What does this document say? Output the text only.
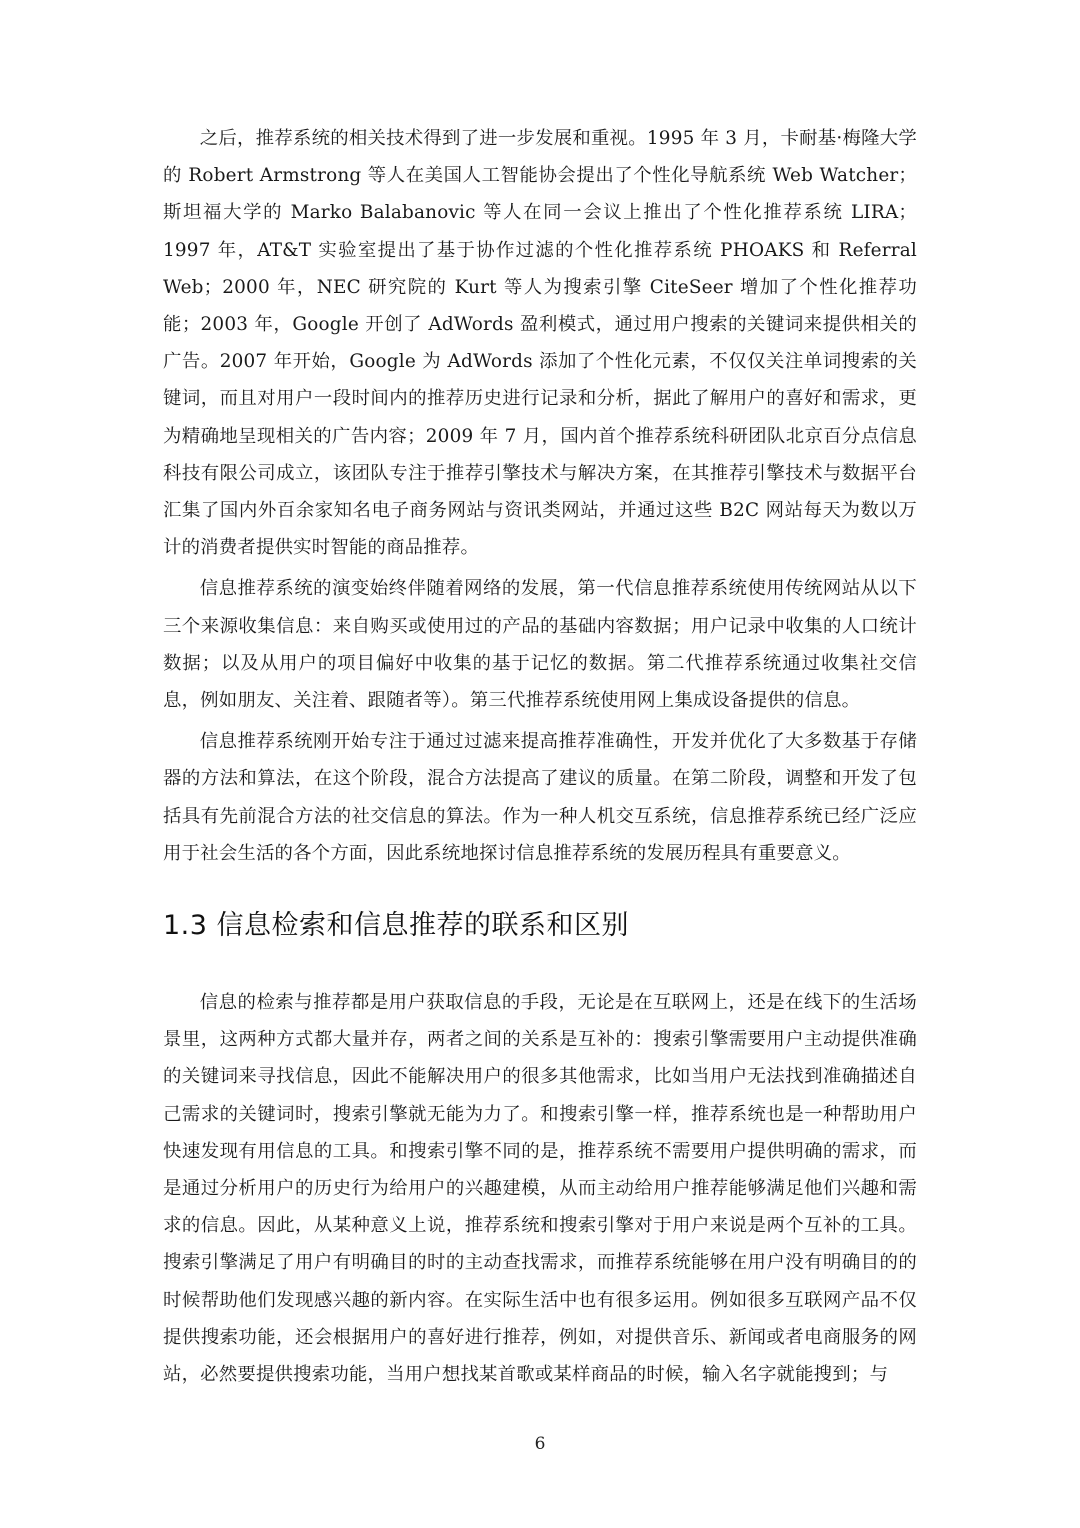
之后，推荐系统的相关技术得到了进一步发展和重视。1995 年 3 月，卡耐基·梅隆大学的 Robert Armstrong 等人在美国人工智能协会提出了个性化导航系统 Web Watcher；斯坦福大学的 Marko Balabanovic 等人在同一会议上推出了个性化推荐系统 LIRA；1997 年，AT&T 实验室提出了基于协作过滤的个性化推荐系统 PHOAKS 和 Referral Web；2000 年，NEC 研究院的 Kurt 等人为搜索引擎 CiteSeer 增加了个性化推荐功能；2003 年，Google 开创了 AdWords 盈利模式，通过用户搜索的关键词来提供相关的广告。2007 年开始，Google 为 AdWords 添加了个性化元素，不仅仅关注单词搜索的关键词，而且对用户一段时间内的推荐历史进行记录和分析，据此了解用户的喜好和需求，更为精确地呈现相关的广告内容；2009 年 7 月，国内首个推荐系统科研团队北京百分点信息科技有限公司成立，该团队专注于推荐引擎技术与解决方案，在其推荐引擎技术与数据平台汇集了国内外百余家知名电子商务网站与资讯类网站，并通过这些 B2C 网站每天为数以万计的消费者提供实时智能的商品推荐。

信息推荐系统的演变始终伴随着网络的发展，第一代信息推荐系统使用传统网站从以下三个来源收集信息：来自购买或使用过的产品的基础内容数据；用户记录中收集的人口统计数据；以及从用户的项目偏好中收集的基于记忆的数据。第二代推荐系统通过收集社交信息，例如朋友、关注着、跟随者等）。第三代推荐系统使用网上集成设备提供的信息。

信息推荐系统刚开始专注于通过过滤来提高推荐准确性，开发并优化了大多数基于存储器的方法和算法，在这个阶段，混合方法提高了建议的质量。在第二阶段，调整和开发了包括具有先前混合方法的社交信息的算法。作为一种人机交互系统，信息推荐系统已经广泛应用于社会生活的各个方面，因此系统地探讨信息推荐系统的发展历程具有重要意义。

1.3 信息检索和信息推荐的联系和区别

信息的检索与推荐都是用户获取信息的手段，无论是在互联网上，还是在线下的生活场景里，这两种方式都大量并存，两者之间的关系是互补的：搜索引擎需要用户主动提供准确的关键词来寻找信息，因此不能解决用户的很多其他需求，比如当用户无法找到准确描述自己需求的关键词时，搜索引擎就无能为力了。和搜索引擎一样，推荐系统也是一种帮助用户快速发现有用信息的工具。和搜索引擎不同的是，推荐系统不需要用户提供明确的需求，而是通过分析用户的历史行为给用户的兴趣建模，从而主动给用户推荐能够满足他们兴趣和需求的信息。因此，从某种意义上说，推荐系统和搜索引擎对于用户来说是两个互补的工具。搜索引擎满足了用户有明确目的时的主动查找需求，而推荐系统能够在用户没有明确目的的时候帮助他们发现感兴趣的新内容。在实际生活中也有很多运用。例如很多互联网产品不仅提供搜索功能，还会根据用户的喜好进行推荐，例如，对提供音乐、新闻或者电商服务的网站，必然要提供搜索功能，当用户想找某首歌或某样商品的时候，输入名字就能搜到；与

6
